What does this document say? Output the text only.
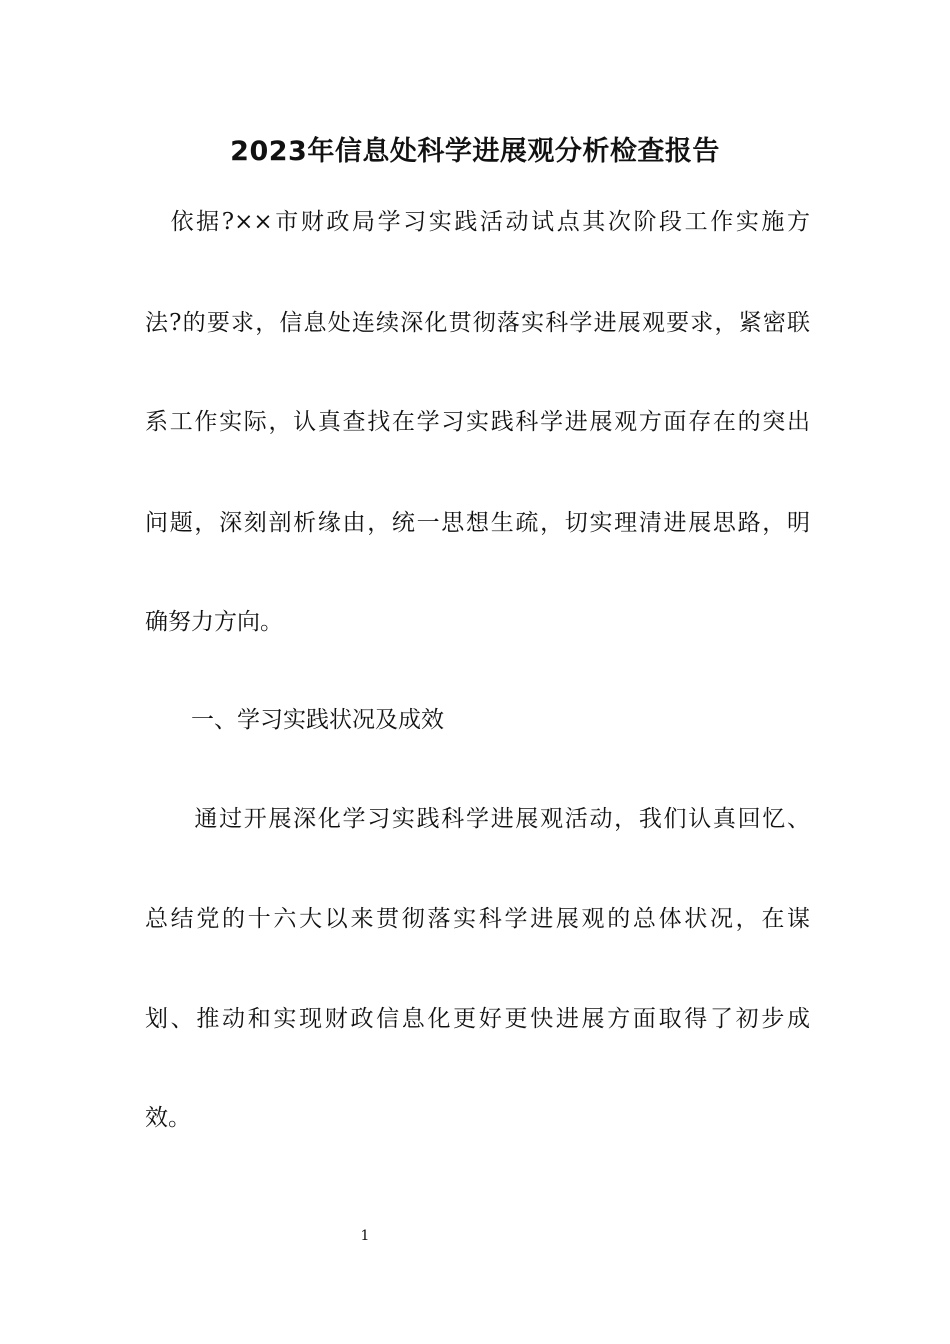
2023年信息处科学进展观分析检查报告

　依据?××市财政局学习实践活动试点其次阶段工作实施方

法?的要求，信息处连续深化贯彻落实科学进展观要求，紧密联

系工作实际，认真查找在学习实践科学进展观方面存在的突出

问题，深刻剖析缘由，统一思想生疏，切实理清进展思路，明

确努力方向。

　　一、学习实践状况及成效

　　通过开展深化学习实践科学进展观活动，我们认真回忆、

总结党的十六大以来贯彻落实科学进展观的总体状况，在谋

划、推动和实现财政信息化更好更快进展方面取得了初步成

效。

1
